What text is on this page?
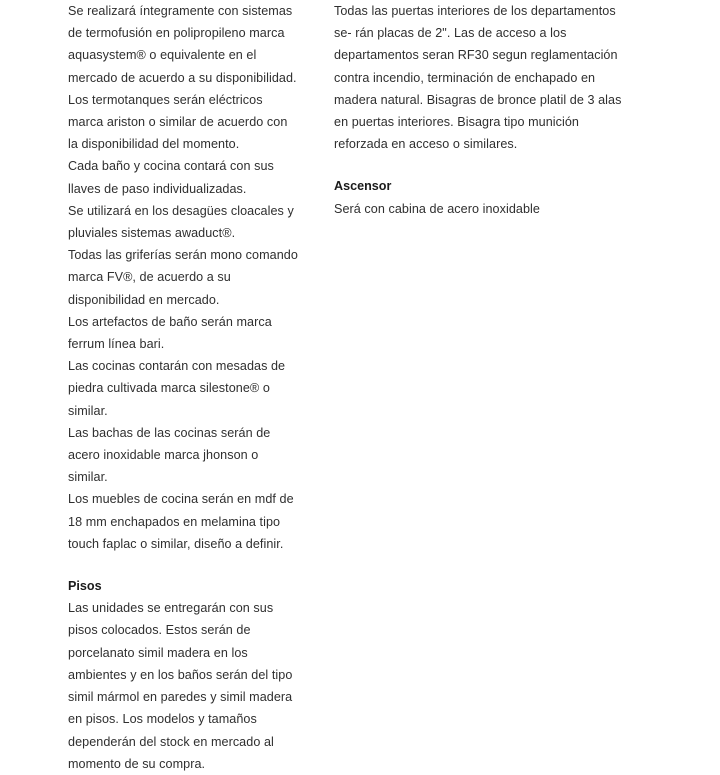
Se realizará íntegramente con sistemas de termofusión en polipropileno marca aquasystem® o equivalente en el mercado de acuerdo a su disponibilidad.

Los termotanques serán eléctricos marca ariston o similar de acuerdo con la disponibilidad del momento.

Cada baño y cocina contará con sus llaves de paso individualizadas.

Se utilizará en los desagües cloacales y pluviales sistemas awaduct®.

Todas las griferías serán mono comando marca FV®, de acuerdo a su disponibilidad en mercado.

Los artefactos de baño serán marca ferrum línea bari.

Las cocinas contarán con mesadas de piedra cultivada marca silestone® o similar.

Las bachas de las cocinas serán de acero inoxidable marca jhonson o similar.

Los muebles de cocina serán en mdf de 18 mm enchapados en melamina tipo touch faplac o similar, diseño a definir.

Pisos

Las unidades se entregarán con sus pisos colocados. Estos serán de porcelanato simil madera en los ambientes y en los baños serán del tipo simil mármol en paredes y simil madera en pisos. Los modelos y tamaños dependerán del stock en mercado al momento de su compra.

Todas las puertas interiores de los departamentos se- rán placas de 2". Las de acceso a los departamentos seran RF30 segun reglamentación contra incendio, terminación de enchapado en madera natural. Bisagras de bronce platil de 3 alas en puertas interiores. Bisagra tipo munición reforzada en acceso o similares.

Ascensor

Será con cabina de acero inoxidable
